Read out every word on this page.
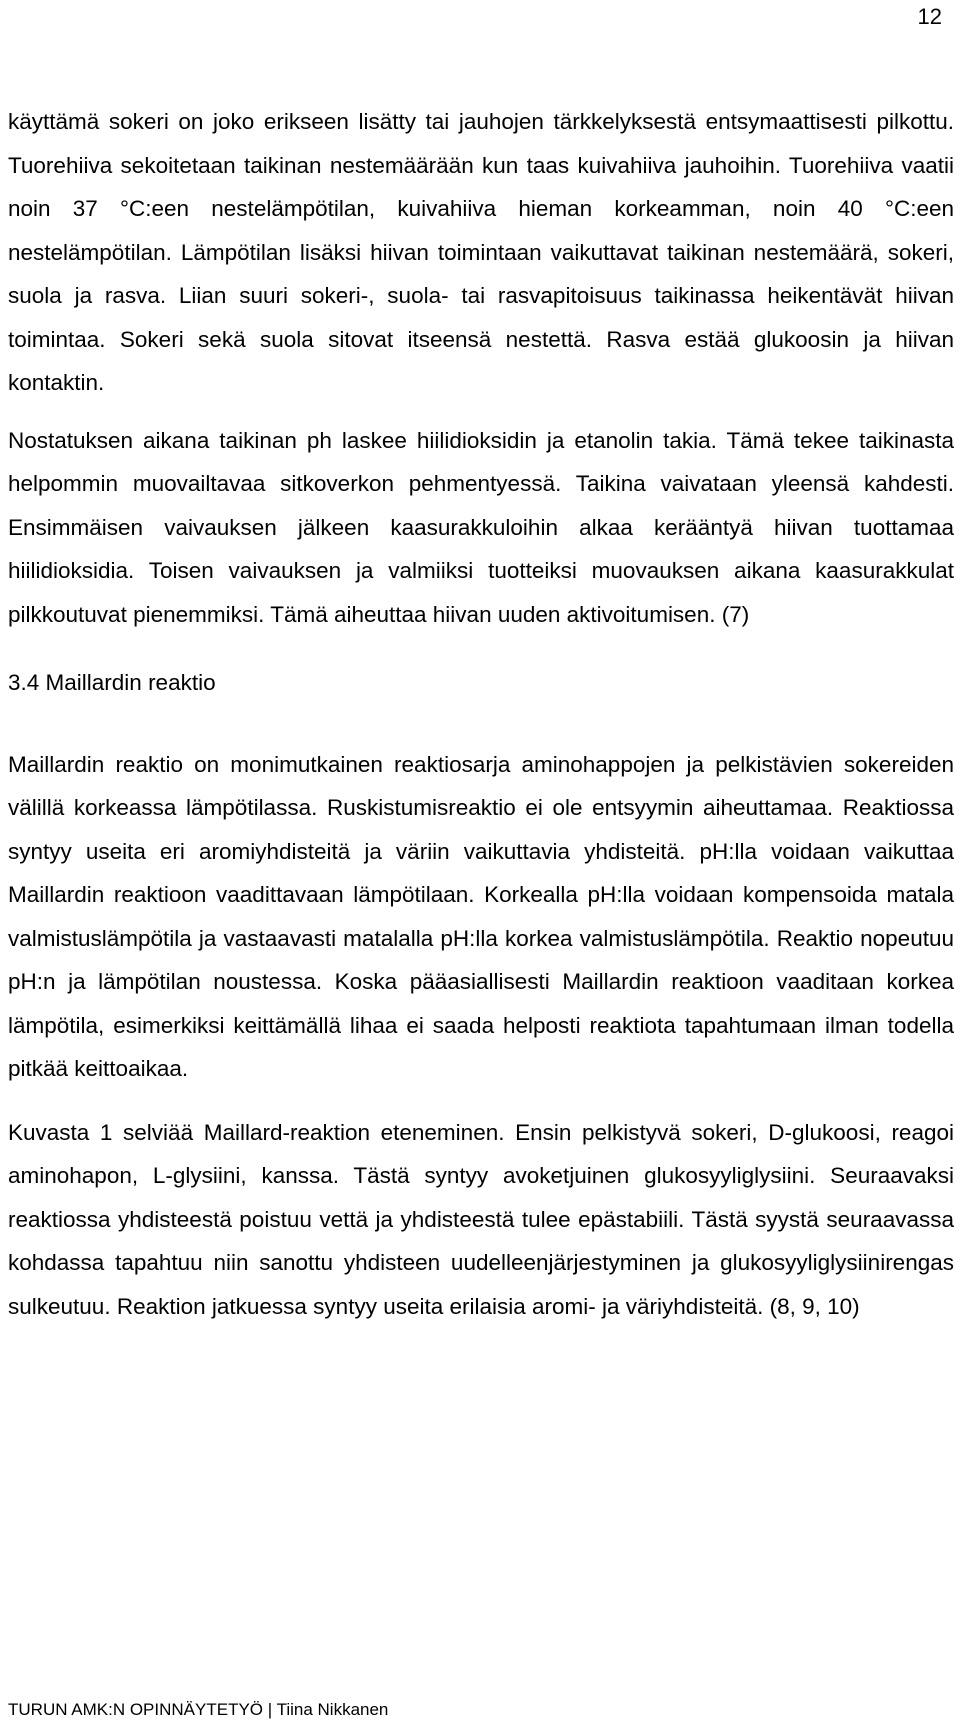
12

käyttämä sokeri on joko erikseen lisätty tai jauhojen tärkkelyksestä entsymaattisesti pilkottu. Tuorehiiva sekoitetaan taikinan nestemäärään kun taas kuivahiiva jauhoihin. Tuorehiiva vaatii noin 37 °C:een nestelämpötilan, kuivahiiva hieman korkeamman, noin 40 °C:een nestelämpötilan. Lämpötilan lisäksi hiivan toimintaan vaikuttavat taikinan nestemäärä, sokeri, suola ja rasva. Liian suuri sokeri-, suola- tai rasvapitoisuus taikinassa heikentävät hiivan toimintaa. Sokeri sekä suola sitovat itseensä nestettä. Rasva estää glukoosin ja hiivan kontaktin.

Nostatuksen aikana taikinan ph laskee hiilidioksidin ja etanolin takia. Tämä tekee taikinasta helpommin muovailtavaa sitkoverkon pehmentyessä. Taikina vaivataan yleensä kahdesti. Ensimmäisen vaivauksen jälkeen kaasurakkuloihin alkaa kerääntyä hiivan tuottamaa hiilidioksidia. Toisen vaivauksen ja valmiiksi tuotteiksi muovauksen aikana kaasurakkulat pilkkoutuvat pienemmiksi. Tämä aiheuttaa hiivan uuden aktivoitumisen. (7)

3.4 Maillardin reaktio

Maillardin reaktio on monimutkainen reaktiosarja aminohappojen ja pelkistävien sokereiden välillä korkeassa lämpötilassa. Ruskistumisreaktio ei ole entsyymin aiheuttamaa. Reaktiossa syntyy useita eri aromiyhdisteitä ja väriin vaikuttavia yhdisteitä. pH:lla voidaan vaikuttaa Maillardin reaktioon vaadittavaan lämpötilaan. Korkealla pH:lla voidaan kompensoida matala valmistuslämpötila ja vastaavasti matalalla pH:lla korkea valmistuslämpötila. Reaktio nopeutuu pH:n ja lämpötilan noustessa. Koska pääasiallisesti Maillardin reaktioon vaaditaan korkea lämpötila, esimerkiksi keittämällä lihaa ei saada helposti reaktiota tapahtumaan ilman todella pitkää keittoaikaa.

Kuvasta 1 selviää Maillard-reaktion eteneminen. Ensin pelkistyvä sokeri, D-glukoosi, reagoi aminohapon, L-glysiini, kanssa. Tästä syntyy avoketjuinen glukosyyliglysiini. Seuraavaksi reaktiossa yhdisteestä poistuu vettä ja yhdisteestä tulee epästabiili. Tästä syystä seuraavassa kohdassa tapahtuu niin sanottu yhdisteen uudelleenjärjestyminen ja glukosyyliglysiinirengas sulkeutuu. Reaktion jatkuessa syntyy useita erilaisia aromi- ja väriyhdisteitä. (8, 9, 10)

TURUN AMK:N OPINNÄYTETYÖ | Tiina Nikkanen
